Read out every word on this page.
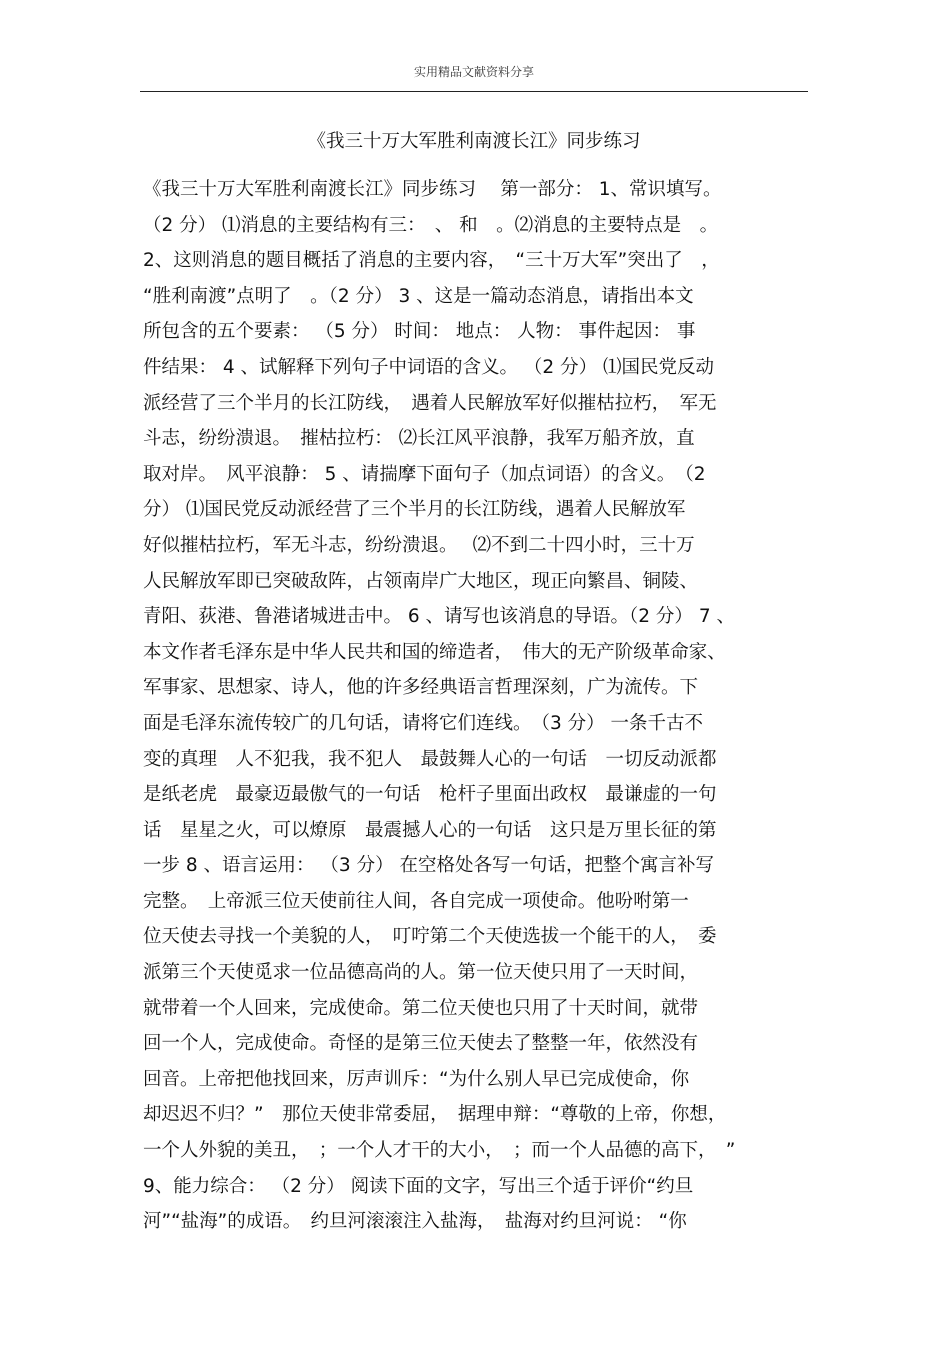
实用精品文献资料分享
《我三十万大军胜利南渡长江》同步练习
《我三十万大军胜利南渡长江》同步练习　 第一部分： 1、常识填写。
（2 分） ⑴消息的主要结构有三：　、 和　。⑵消息的主要特点是　。
2、这则消息的题目概括了消息的主要内容，　“三十万大军”突出了　，
“胜利南渡”点明了　。（2 分） 3 、这是一篇动态消息，请指出本文
所包含的五个要素： （5 分） 时间： 地点： 人物： 事件起因： 事
件结果： 4 、试解释下列句子中词语的含义。 （2 分） ⑴国民党反动
派经营了三个半月的长江防线，　遇着人民解放军好似摧枯拉朽，　军无
斗志，纷纷溃退。　摧枯拉朽： ⑵长江风平浪静，我军万船齐放，直
取对岸。　风平浪静： 5 、请揣摩下面句子（加点词语）的含义。　（2
分） ⑴国民党反动派经营了三个半月的长江防线，遇着人民解放军
好似摧枯拉朽，军无斗志，纷纷溃退。　 ⑵不到二十四小时，三十万
人民解放军即已突破敌阵，占领南岸广大地区，现正向繁昌、铜陵、
青阳、荻港、鲁港诸城进击中。 6 、请写也该消息的导语。（2 分） 7 、
本文作者毛泽东是中华人民共和国的缔造者，　伟大的无产阶级革命家、
军事家、思想家、诗人，他的许多经典语言哲理深刻，广为流传。下
面是毛泽东流传较广的几句话，请将它们连线。　（3 分） 一条千古不
变的真理　人不犯我，我不犯人　最鼓舞人心的一句话　一切反动派都
是纸老虎　最豪迈最傲气的一句话　枪杆子里面出政权　最谦虚的一句
话　星星之火，可以燎原　最震撼人心的一句话　这只是万里长征的第
一步 8 、语言运用： （3 分） 在空格处各写一句话，把整个寓言补写
完整。　上帝派三位天使前往人间，各自完成一项使命。他吩咐第一
位天使去寻找一个美貌的人，　叮咛第二个天使选拔一个能干的人，　委
派第三个天使觅求一位品德高尚的人。第一位天使只用了一天时间，
就带着一个人回来，完成使命。第二位天使也只用了十天时间，就带
回一个人，完成使命。奇怪的是第三位天使去了整整一年，依然没有
回音。上帝把他找回来，厉声训斥：“为什么别人早已完成使命，你
却迟迟不归？”　那位天使非常委屈，　据理申辩：“尊敬的上帝，你想，
一个人外貌的美丑，　；一个人才干的大小，　；而一个人品德的高下，　”
9、能力综合： （2 分） 阅读下面的文字，写出三个适于评价“约旦
河”“盐海”的成语。　约旦河滚滚注入盐海，　盐海对约旦河说： “你
